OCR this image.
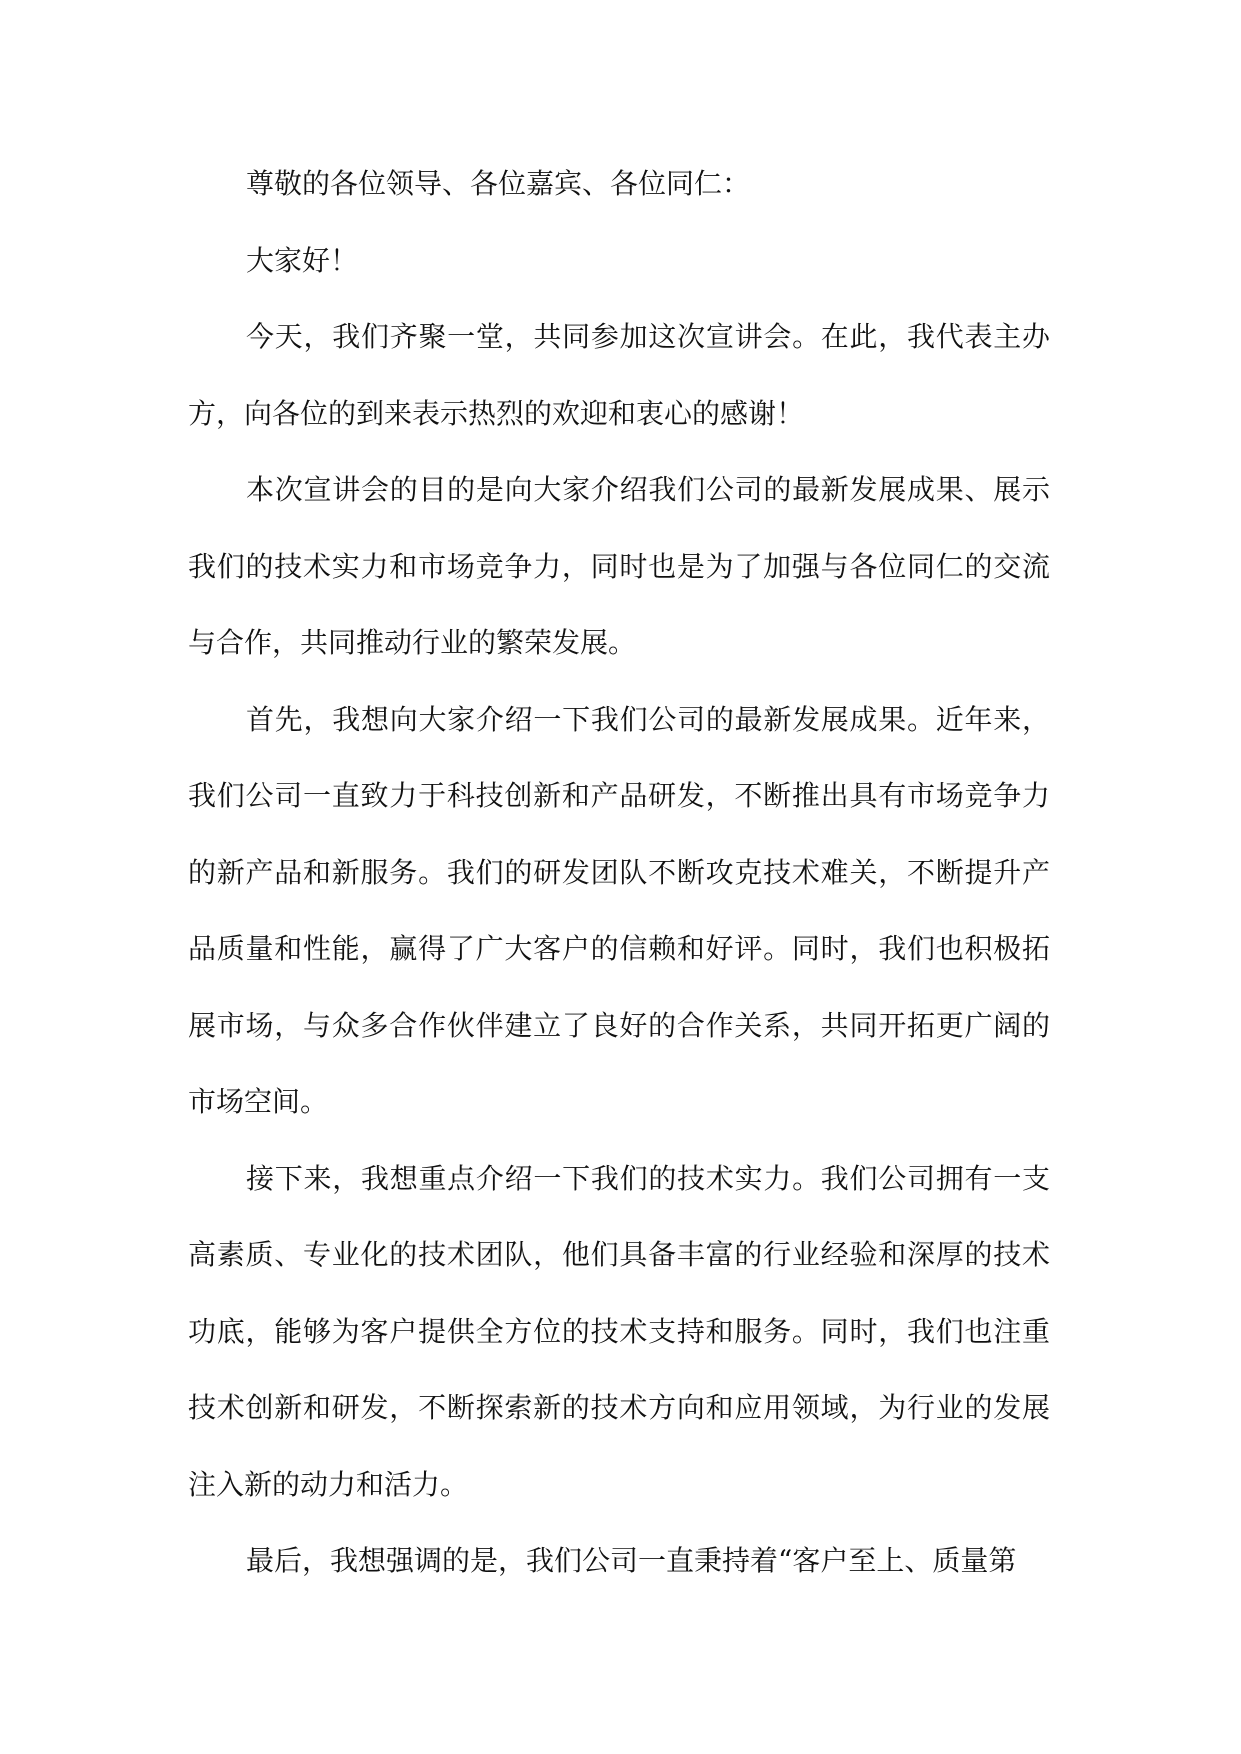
尊敬的各位领导、各位嘉宾、各位同仁：

大家好！

今天，我们齐聚一堂，共同参加这次宣讲会。在此，我代表主办方，向各位的到来表示热烈的欢迎和衷心的感谢！

本次宣讲会的目的是向大家介绍我们公司的最新发展成果、展示我们的技术实力和市场竞争力，同时也是为了加强与各位同仁的交流与合作，共同推动行业的繁荣发展。

首先，我想向大家介绍一下我们公司的最新发展成果。近年来，我们公司一直致力于科技创新和产品研发，不断推出具有市场竞争力的新产品和新服务。我们的研发团队不断攻克技术难关，不断提升产品质量和性能，赢得了广大客户的信赖和好评。同时，我们也积极拓展市场，与众多合作伙伴建立了良好的合作关系，共同开拓更广阔的市场空间。

接下来，我想重点介绍一下我们的技术实力。我们公司拥有一支高素质、专业化的技术团队，他们具备丰富的行业经验和深厚的技术功底，能够为客户提供全方位的技术支持和服务。同时，我们也注重技术创新和研发，不断探索新的技术方向和应用领域，为行业的发展注入新的动力和活力。

最后，我想强调的是，我们公司一直秉持着“客户至上、质量第
